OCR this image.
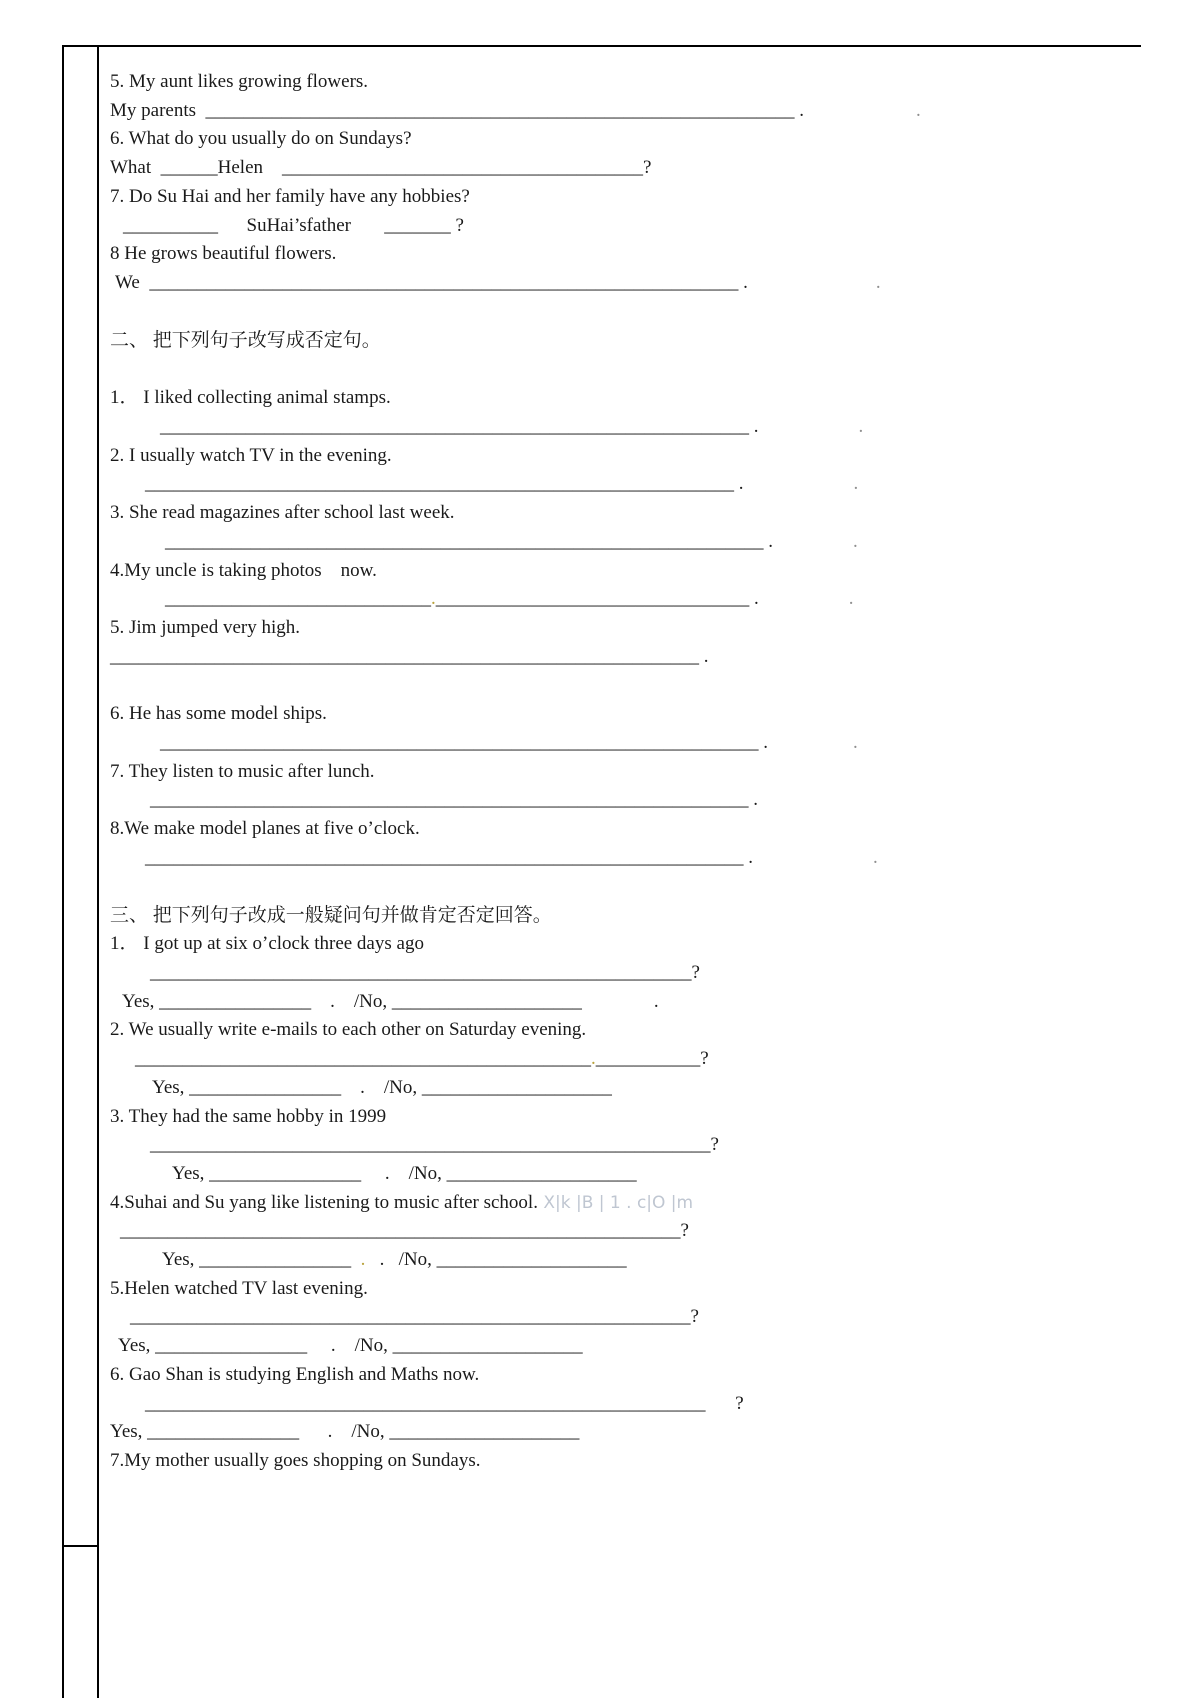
5. My aunt likes growing flowers.
My parents  ______________________________________________________________ .	.
6. What do you usually do on Sundays?
What  ______Helen    ______________________________________?
7. Do Su Hai and her family have any hobbies?
__________      SuHai’sfather       _______ ?
8 He grows beautiful flowers.
We  ______________________________________________________________ .	.
二、 把下列句子改写成否定句。
1． I liked collecting animal stamps.
______________________________________________________________ .	.
2. I usually watch TV in the evening.
______________________________________________________________ .	.
3. She read magazines after school last week.
_______________________________________________________________ .	.
4.My uncle is taking photos    now.
____________________________._________________________________ .	.
5. Jim jumped very high.
______________________________________________________________ .
6. He has some model ships.
_______________________________________________________________ .	.
7. They listen to music after lunch.
_______________________________________________________________ .
8.We make model planes at five o’clock.
_______________________________________________________________ .	.
三、 把下列句子改成一般疑问句并做肯定否定回答。
1． I got up at six o’clock three days ago
_________________________________________________________?
Yes, ________________    .    /No, ____________________	.
2. We usually write e-mails to each other on Saturday evening.
________________________________________________.___________?
Yes, ________________    .    /No, ____________________
3. They had the same hobby in 1999
___________________________________________________________?
Yes, ________________     .    /No, ____________________
4.Suhai and Su yang like listening to music after school. X|k |B | 1 . c|O |m
___________________________________________________________?
Yes, ________________ .   .   /No, ____________________
5.Helen watched TV last evening.
___________________________________________________________?
Yes, ________________     .    /No, ____________________
6. Gao Shan is studying English and Maths now.
___________________________________________________________ ?
Yes, ________________      .    /No, ____________________
7.My mother usually goes shopping on Sundays.
